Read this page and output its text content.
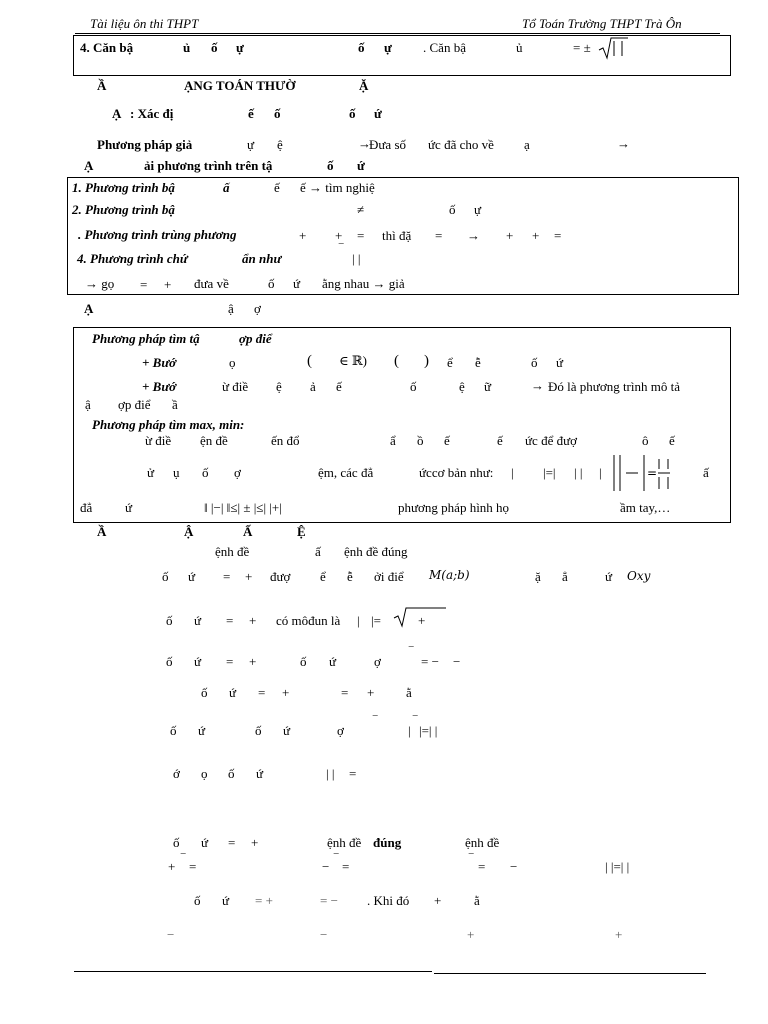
Tài liệu ôn thi THPT	Tổ Toán Trường THPT Trà Ôn
4. Căn bậ	ủ ố ự	ố ự . Căn bậ	ủ	= ±
Ầ	ẠNG TOÁN THƯỜ	Ặ
Ạ : Xác đị	ế ố	ố ứ
Phương pháp giả	ự ệ	→
Đưa số ức đã cho về ạ	→
Ạ	ải phương trình trên tậ	ố ứ
1. Phương trình bậ	ấ	ế ế → tìm nghiệ
2. Phương trình bậ	≠	ố ự
. Phương trình trùng phương	+ + = thì đặ = → + + =
4. Phương trình chứ	ẩn như
‾
| |
→ gọ = + đưa về	ố ứ ằng nhau → giả
Ạ	ậ ợ
Phương pháp tìm tậ	ợp điể
+ Bướ	ọ	( ∈ ℝ) ( ) ể ễ	ố ứ
+ Bướ	ừ điề ệ ả ế	ố	ệ ữ	→ Đó là phương trình mô tả
ậ ợp điể ầ
Phương pháp tìm max, min:
ừ điề ện đề	ến đổ	ẩ ồ ế	ế ức để đượ	ô ế
ử ụ ố ợ	ệm, các đẳ	ứccơ bản như: | |=| | | |	=	ấ
đẳ	ứ	‖ |−| ‖≤| ± |≤| |+|	phương pháp hình họ	ầm tay,…
Ầ	Ậ	Ấ	Ệ
ệnh đề	ấ ệnh đề đúng
ố ứ = + đượ ể ễ ởi điể M(a;b)	ặ ẳ	ứ Oxy
ố ứ = + có môđun là | |=	+
ố ứ = +	ố ứ	ợ
‾
= − −
ố ứ = +	= + ằ
ố ứ	ố ứ	ợ
‾
|
‾
|=| |
ớ ọ ố ứ	| | =
ố ứ = +	ệnh đề đúng	ệnh đề
+
‾
=	−
‾
=
‾
= −	| |=| |
ố ứ = +	= − . Khi đó +	ằ
−	−	+	+
